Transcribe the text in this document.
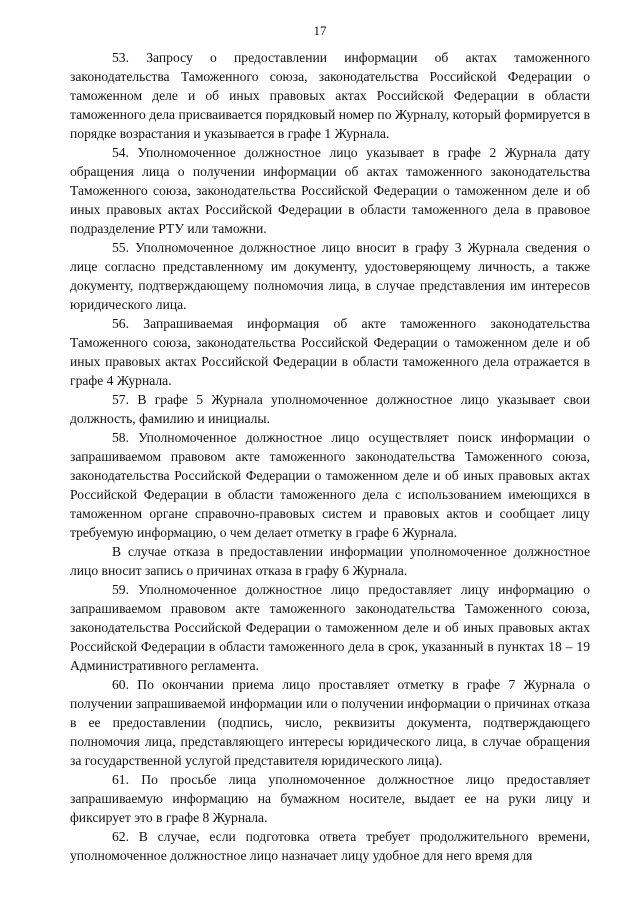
17

53. Запросу о предоставлении информации об актах таможенного законодательства Таможенного союза, законодательства Российской Федерации о таможенном деле и об иных правовых актах Российской Федерации в области таможенного дела присваивается порядковый номер по Журналу, который формируется в порядке возрастания и указывается в графе 1 Журнала.

54. Уполномоченное должностное лицо указывает в графе 2 Журнала дату обращения лица о получении информации об актах таможенного законодательства Таможенного союза, законодательства Российской Федерации о таможенном деле и об иных правовых актах Российской Федерации в области таможенного дела в правовое подразделение РТУ или таможни.

55. Уполномоченное должностное лицо вносит в графу 3 Журнала сведения о лице согласно представленному им документу, удостоверяющему личность, а также документу, подтверждающему полномочия лица, в случае представления им интересов юридического лица.

56. Запрашиваемая информация об акте таможенного законодательства Таможенного союза, законодательства Российской Федерации о таможенном деле и об иных правовых актах Российской Федерации в области таможенного дела отражается в графе 4 Журнала.

57. В графе 5 Журнала уполномоченное должностное лицо указывает свои должность, фамилию и инициалы.

58. Уполномоченное должностное лицо осуществляет поиск информации о запрашиваемом правовом акте таможенного законодательства Таможенного союза, законодательства Российской Федерации о таможенном деле и об иных правовых актах Российской Федерации в области таможенного дела с использованием имеющихся в таможенном органе справочно-правовых систем и правовых актов и сообщает лицу требуемую информацию, о чем делает отметку в графе 6 Журнала.

В случае отказа в предоставлении информации уполномоченное должностное лицо вносит запись о причинах отказа в графу 6 Журнала.

59. Уполномоченное должностное лицо предоставляет лицу информацию о запрашиваемом правовом акте таможенного законодательства Таможенного союза, законодательства Российской Федерации о таможенном деле и об иных правовых актах Российской Федерации в области таможенного дела в срок, указанный в пунктах 18 – 19 Административного регламента.

60. По окончании приема лицо проставляет отметку в графе 7 Журнала о получении запрашиваемой информации или о получении информации о причинах отказа в ее предоставлении (подпись, число, реквизиты документа, подтверждающего полномочия лица, представляющего интересы юридического лица, в случае обращения за государственной услугой представителя юридического лица).

61. По просьбе лица уполномоченное должностное лицо предоставляет запрашиваемую информацию на бумажном носителе, выдает ее на руки лицу и фиксирует это в графе 8 Журнала.

62. В случае, если подготовка ответа требует продолжительного времени, уполномоченное должностное лицо назначает лицу удобное для него время для
